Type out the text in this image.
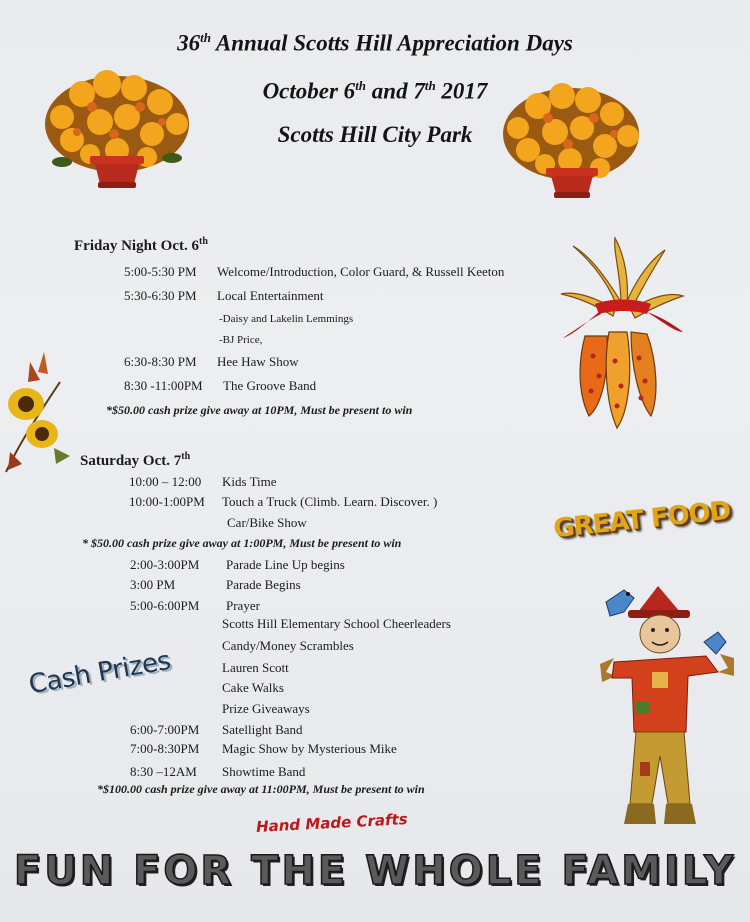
36th Annual Scotts Hill Appreciation Days
October 6th and 7th 2017
Scotts Hill City Park
Friday Night Oct. 6th
5:00-5:30 PM Welcome/Introduction, Color Guard, & Russell Keeton
5:30-6:30 PM Local Entertainment
-Daisy and Lakelin Lemmings
-BJ Price,
6:30-8:30 PM Hee Haw Show
8:30 -11:00PM The Groove Band
*$50.00 cash prize give away at 10PM, Must be present to win
Saturday Oct. 7th
10:00 – 12:00 Kids Time
10:00-1:00PM Touch a Truck (Climb. Learn. Discover. )
Car/Bike Show
* $50.00 cash prize give away at 1:00PM, Must be present to win
2:00-3:00PM Parade Line Up begins
3:00 PM	Parade Begins
5:00-6:00PM Prayer
Scotts Hill Elementary School Cheerleaders
Candy/Money Scrambles
Lauren Scott
Cake Walks
Prize Giveaways
6:00-7:00PM Satellight Band
7:00-8:30PM Magic Show by Mysterious Mike
8:30 –12AM Showtime Band
*$100.00 cash prize give away at 11:00PM, Must be present to win
Cash Prizes
GREAT FOOD
Hand Made Crafts
FUN FOR THE WHOLE FAMILY
